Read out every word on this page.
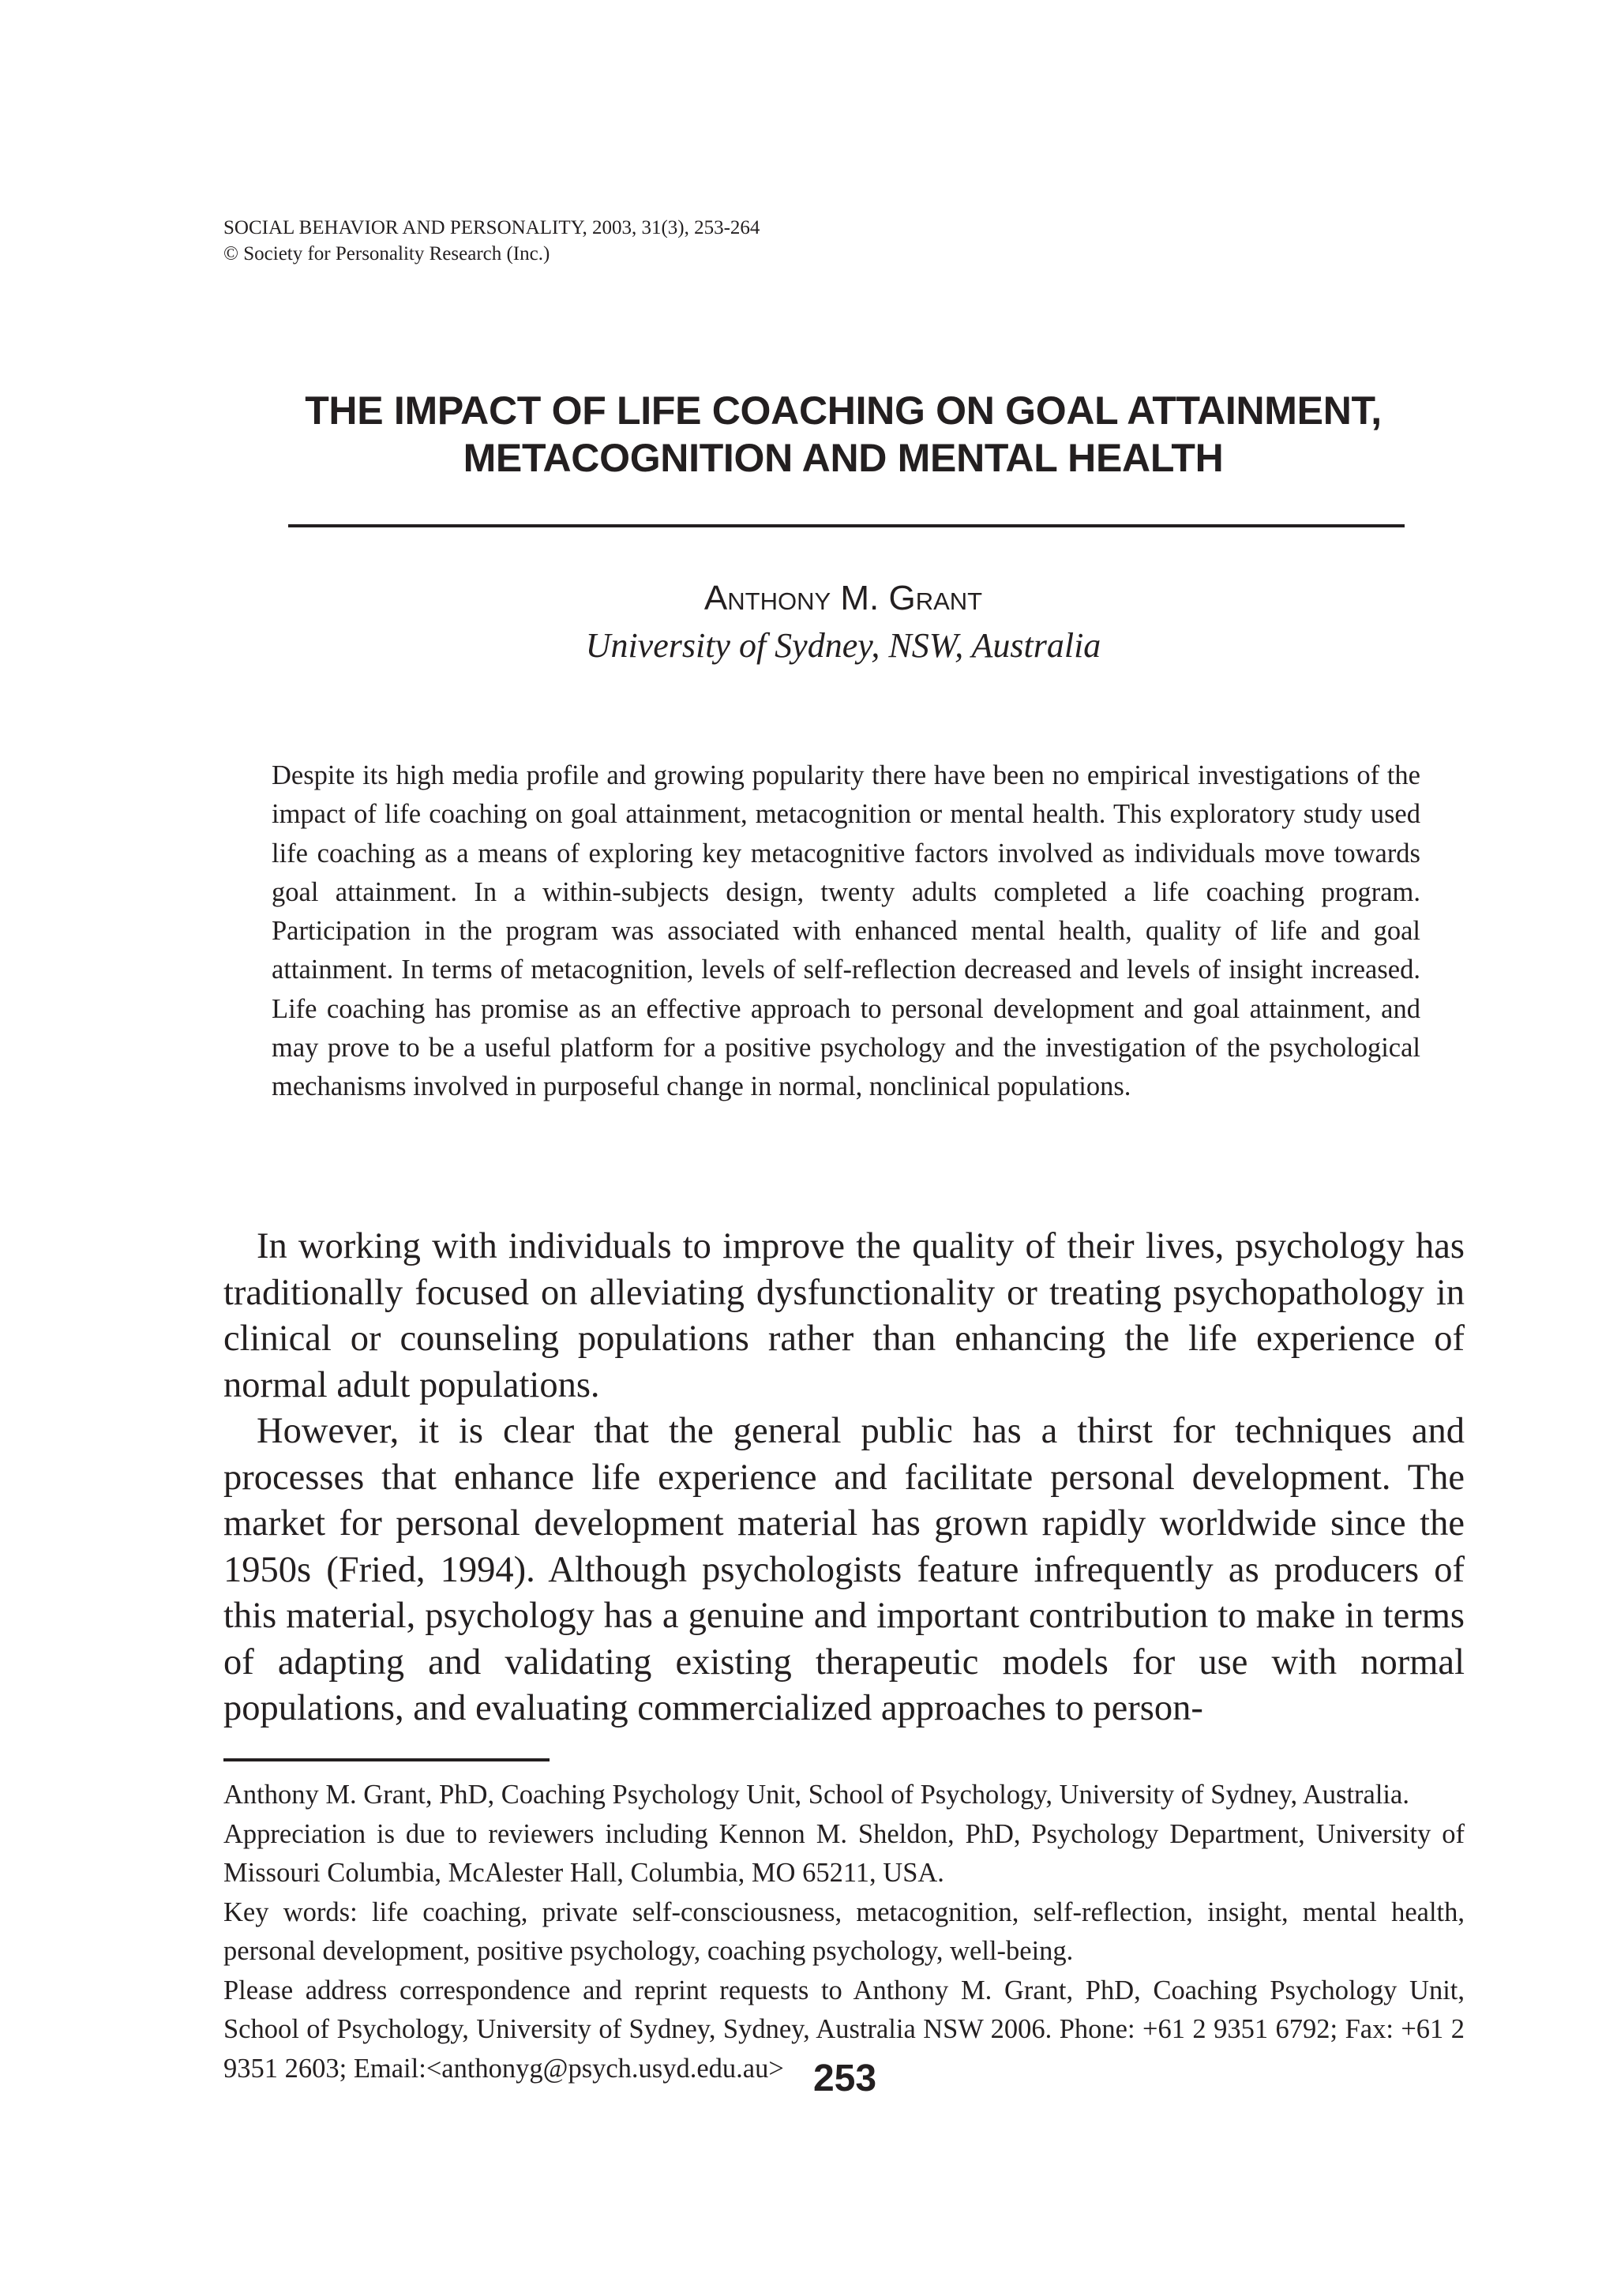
SOCIAL BEHAVIOR AND PERSONALITY, 2003, 31(3), 253-264
© Society for Personality Research (Inc.)
THE IMPACT OF LIFE COACHING ON GOAL ATTAINMENT,
METACOGNITION AND MENTAL HEALTH
Anthony M. Grant
University of Sydney, NSW, Australia
Despite its high media profile and growing popularity there have been no empirical investigations of the impact of life coaching on goal attainment, metacognition or mental health. This exploratory study used life coaching as a means of exploring key metacognitive factors involved as individuals move towards goal attainment. In a within-subjects design, twenty adults completed a life coaching program. Participation in the program was associated with enhanced mental health, quality of life and goal attainment. In terms of metacognition, levels of self-reflection decreased and levels of insight increased. Life coaching has promise as an effective approach to personal development and goal attainment, and may prove to be a useful platform for a positive psychology and the investigation of the psychological mechanisms involved in purposeful change in normal, nonclinical populations.

In working with individuals to improve the quality of their lives, psychology has traditionally focused on alleviating dysfunctionality or treating psychopathology in clinical or counseling populations rather than enhancing the life experience of normal adult populations.

However, it is clear that the general public has a thirst for techniques and processes that enhance life experience and facilitate personal development. The market for personal development material has grown rapidly worldwide since the 1950s (Fried, 1994). Although psychologists feature infrequently as producers of this material, psychology has a genuine and important contribution to make in terms of adapting and validating existing therapeutic models for use with normal populations, and evaluating commercialized approaches to person-

Anthony M. Grant, PhD, Coaching Psychology Unit, School of Psychology, University of Sydney, Australia.

Appreciation is due to reviewers including Kennon M. Sheldon, PhD, Psychology Department, University of Missouri Columbia, McAlester Hall, Columbia, MO 65211, USA.

Key words: life coaching, private self-consciousness, metacognition, self-reflection, insight, mental health, personal development, positive psychology, coaching psychology, well-being.

Please address correspondence and reprint requests to Anthony M. Grant, PhD, Coaching Psychology Unit, School of Psychology, University of Sydney, Sydney, Australia NSW 2006. Phone: +61 2 9351 6792; Fax: +61 2 9351 2603; Email:<anthonyg@psych.usyd.edu.au> 253
